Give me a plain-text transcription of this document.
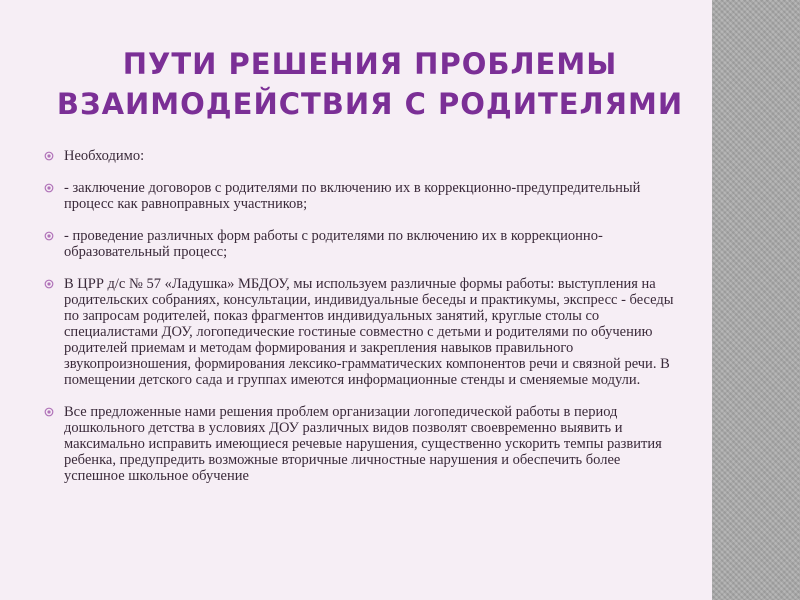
ПУТИ РЕШЕНИЯ ПРОБЛЕМЫ
ВЗАИМОДЕЙСТВИЯ С РОДИТЕЛЯМИ
Необходимо:
- заключение договоров с родителями по включению их в коррекционно-предупредительный процесс как равноправных участников;
- проведение различных форм работы с родителями по включению их в коррекционно-образовательный процесс;
В ЦРР д/с № 57 «Ладушка» МБДОУ, мы используем различные формы работы: выступления на родительских собраниях, консультации, индивидуальные беседы и практикумы, экспресс - беседы по запросам родителей, показ фрагментов индивидуальных занятий, круглые столы со специалистами ДОУ, логопедические гостиные совместно с детьми и родителями по обучению родителей приемам и методам формирования и закрепления навыков правильного звукопроизношения, формирования лексико-грамматических компонентов речи и связной речи. В помещении детского сада и группах имеются информационные стенды и сменяемые модули.
Все предложенные нами решения проблем организации логопедической работы в период дошкольного детства в условиях ДОУ различных видов позволят своевременно выявить и максимально исправить имеющиеся речевые нарушения, существенно ускорить темпы развития ребенка, предупредить возможные вторичные личностные нарушения и обеспечить более успешное школьное обучение
